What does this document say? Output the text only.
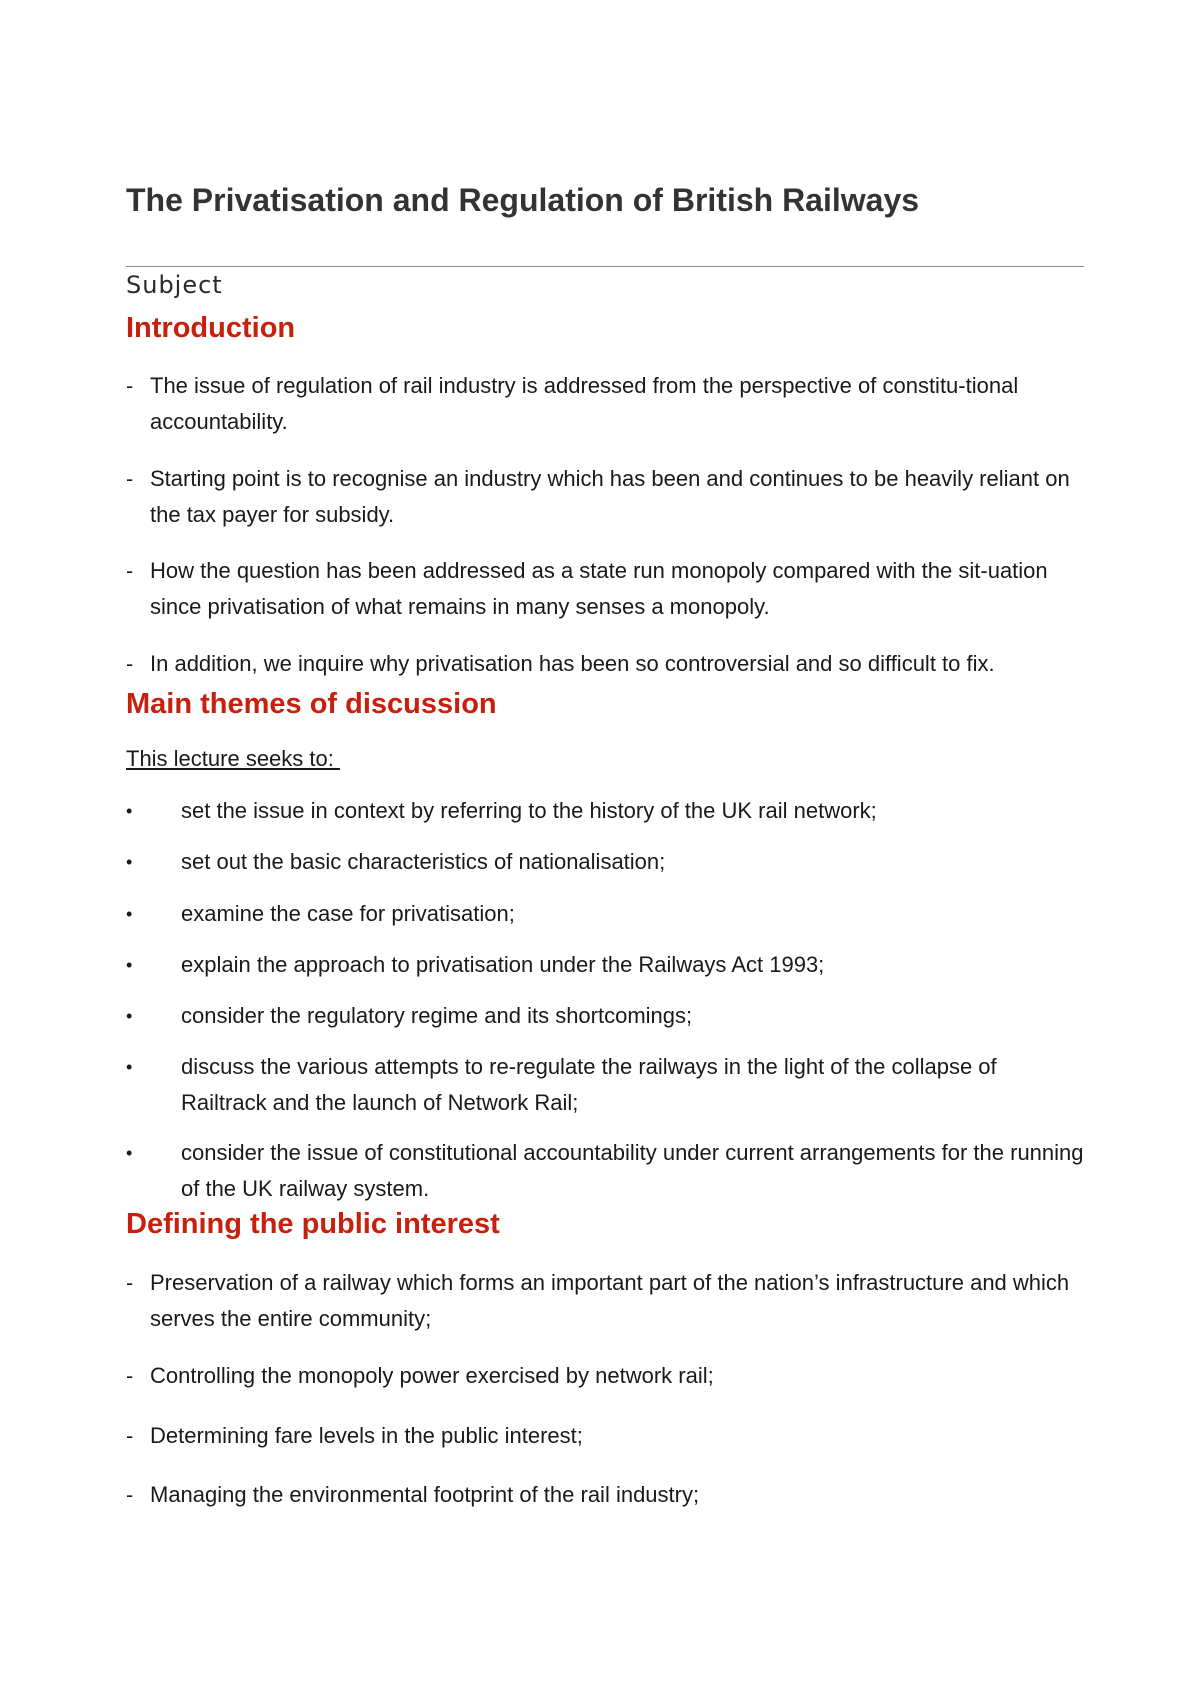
The Privatisation and Regulation of British Railways
Subject
Introduction
- The issue of regulation of rail industry is addressed from the perspective of constitu-tional accountability.
- Starting point is to recognise an industry which has been and continues to be heavily reliant on the tax payer for subsidy.
- How the question has been addressed as a state run monopoly compared with the sit-uation since privatisation of what remains in many senses a monopoly.
- In addition, we inquire why privatisation has been so controversial and so difficult to fix.
Main themes of discussion

This lecture seeks to:

• set the issue in context by referring to the history of the UK rail network;
• set out the basic characteristics of nationalisation;
• examine the case for privatisation;
• explain the approach to privatisation under the Railways Act 1993;
• consider the regulatory regime and its shortcomings;
• discuss the various attempts to re-regulate the railways in the light of the collapse of Railtrack and the launch of Network Rail;
• consider the issue of constitutional accountability under current arrangements for the running of the UK railway system.
Defining the public interest
- Preservation of a railway which forms an important part of the nation’s infrastructure and which serves the entire community;
- Controlling the monopoly power exercised by network rail;
- Determining fare levels in the public interest;
- Managing the environmental footprint of the rail industry;
